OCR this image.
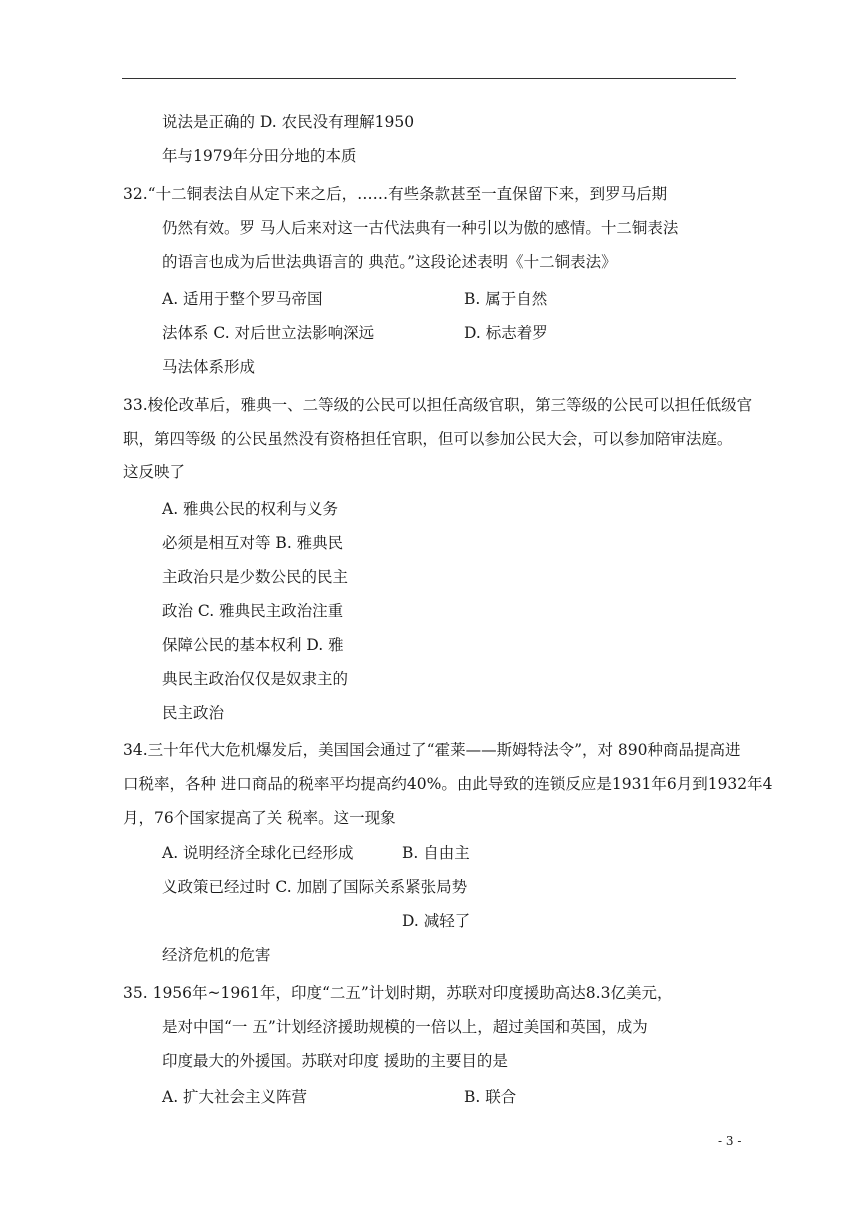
说法是正确的 D. 农民没有理解1950
年与1979年分田分地的本质
32.“十二铜表法自从定下来之后，……有些条款甚至一直保留下来，到罗马后期
仍然有效。罗 马人后来对这一古代法典有一种引以为傲的感情。十二铜表法
的语言也成为后世法典语言的 典范。”这段论述表明《十二铜表法》
A. 适用于整个罗马帝国	B. 属于自然
法体系 C. 对后世立法影响深远	D. 标志着罗
马法体系形成
33.梭伦改革后，雅典一、二等级的公民可以担任高级官职，第三等级的公民可以担任低级官
职，第四等级 的公民虽然没有资格担任官职，但可以参加公民大会，可以参加陪审法庭。
这反映了
A. 雅典公民的权利与义务
必须是相互对等 B. 雅典民
主政治只是少数公民的民主
政治 C. 雅典民主政治注重
保障公民的基本权利 D. 雅
典民主政治仅仅是奴隶主的
民主政治
34.三十年代大危机爆发后，美国国会通过了“霍莱——斯姆特法令”，对 890种商品提高进
口税率，各种 进口商品的税率平均提高约40%。由此导致的连锁反应是1931年6月到1932年4
月，76个国家提高了关 税率。这一现象
A. 说明经济全球化已经形成	B. 自由主
义政策已经过时 C. 加剧了国际关系紧张局势
D. 减轻了
经济危机的危害
35. 1956年~1961年，印度“二五”计划时期，苏联对印度援助高达8.3亿美元，
是对中国“一 五”计划经济援助规模的一倍以上，超过美国和英国，成为
印度最大的外援国。苏联对印度 援助的主要目的是
A. 扩大社会主义阵营	B. 联合
- 3 -
